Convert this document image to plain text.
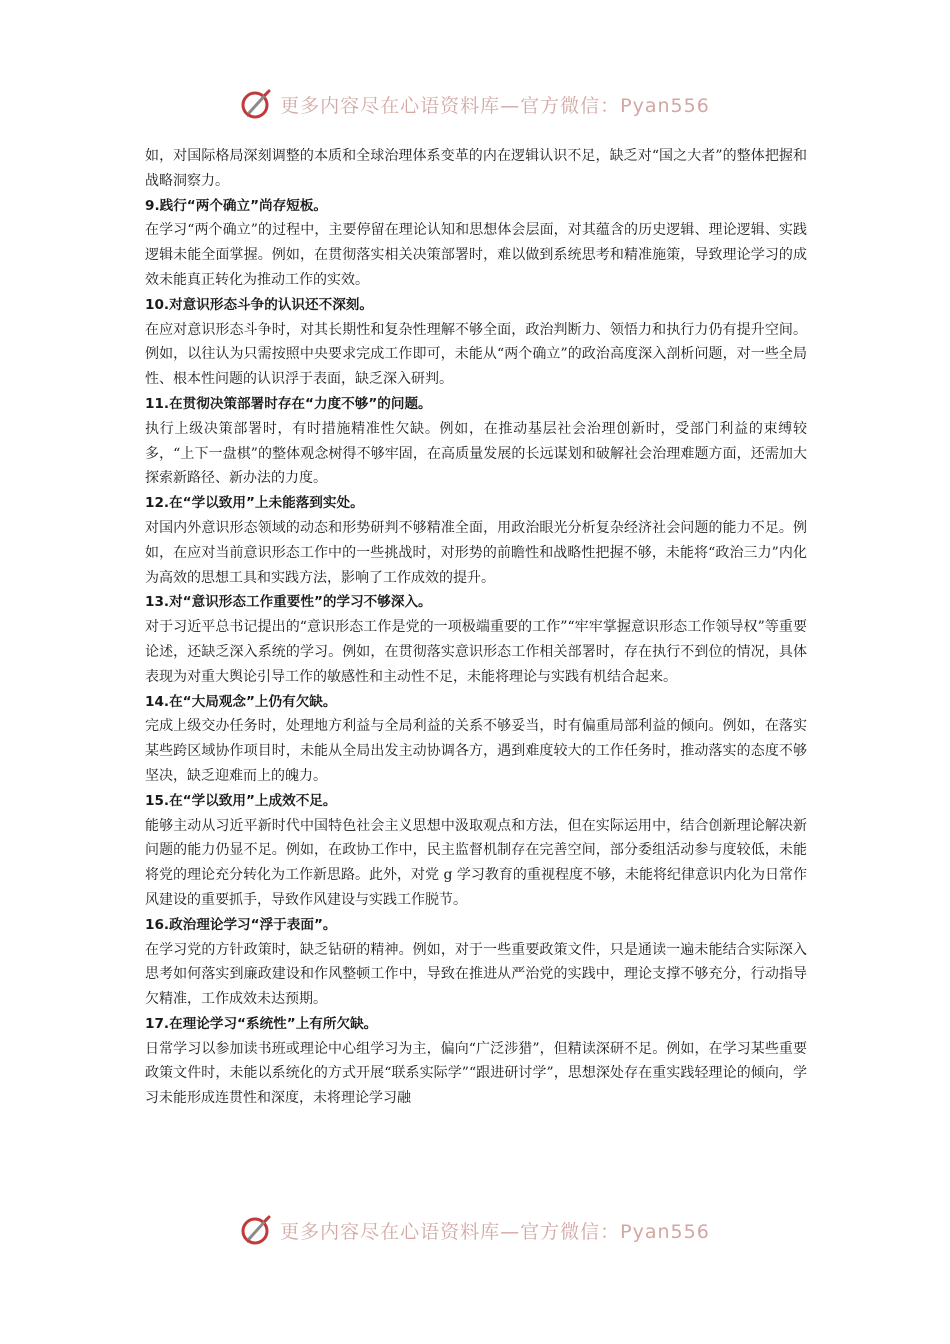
更多内容尽在心语资料库—官方微信：Pyan556

如，对国际格局深刻调整的本质和全球治理体系变革的内在逻辑认识不足，缺乏对“国之大者”的整体把握和战略洞察力。

9.践行“两个确立”尚存短板。

在学习“两个确立”的过程中，主要停留在理论认知和思想体会层面，对其蕴含的历史逻辑、理论逻辑、实践逻辑未能全面掌握。例如，在贯彻落实相关决策部署时，难以做到系统思考和精准施策，导致理论学习的成效未能真正转化为推动工作的实效。

10.对意识形态斗争的认识还不深刻。

在应对意识形态斗争时，对其长期性和复杂性理解不够全面，政治判断力、领悟力和执行力仍有提升空间。例如，以往认为只需按照中央要求完成工作即可，未能从“两个确立”的政治高度深入剖析问题，对一些全局性、根本性问题的认识浮于表面，缺乏深入研判。

11.在贯彻决策部署时存在“力度不够”的问题。

执行上级决策部署时，有时措施精准性欠缺。例如，在推动基层社会治理创新时，受部门利益的束缚较多，“上下一盘棋”的整体观念树得不够牢固，在高质量发展的长远谋划和破解社会治理难题方面，还需加大探索新路径、新办法的力度。

12.在“学以致用”上未能落到实处。

对国内外意识形态领域的动态和形势研判不够精准全面，用政治眼光分析复杂经济社会问题的能力不足。例如，在应对当前意识形态工作中的一些挑战时，对形势的前瞻性和战略性把握不够，未能将“政治三力”内化为高效的思想工具和实践方法，影响了工作成效的提升。

13.对“意识形态工作重要性”的学习不够深入。

对于习近平总书记提出的“意识形态工作是党的一项极端重要的工作”“牢牢掌握意识形态工作领导权”等重要论述，还缺乏深入系统的学习。例如，在贯彻落实意识形态工作相关部署时，存在执行不到位的情况，具体表现为对重大舆论引导工作的敏感性和主动性不足，未能将理论与实践有机结合起来。

14.在“大局观念”上仍有欠缺。

完成上级交办任务时，处理地方利益与全局利益的关系不够妥当，时有偏重局部利益的倾向。例如，在落实某些跨区域协作项目时，未能从全局出发主动协调各方，遇到难度较大的工作任务时，推动落实的态度不够坚决，缺乏迎难而上的魄力。

15.在“学以致用”上成效不足。

能够主动从习近平新时代中国特色社会主义思想中汲取观点和方法，但在实际运用中，结合创新理论解决新问题的能力仍显不足。例如，在政协工作中，民主监督机制存在完善空间，部分委组活动参与度较低，未能将党的理论充分转化为工作新思路。此外，对党 g 学习教育的重视程度不够，未能将纪律意识内化为日常作风建设的重要抓手，导致作风建设与实践工作脱节。

16.政治理论学习“浮于表面”。

在学习党的方针政策时，缺乏钻研的精神。例如，对于一些重要政策文件，只是通读一遍未能结合实际深入思考如何落实到廉政建设和作风整顿工作中，导致在推进从严治党的实践中，理论支撑不够充分，行动指导欠精准，工作成效未达预期。

17.在理论学习“系统性”上有所欠缺。

日常学习以参加读书班或理论中心组学习为主，偏向“广泛涉猎”，但精读深研不足。例如，在学习某些重要政策文件时，未能以系统化的方式开展“联系实际学”“跟进研讨学”，思想深处存在重实践轻理论的倾向，学习未能形成连贯性和深度，未将理论学习融

更多内容尽在心语资料库—官方微信：Pyan556
